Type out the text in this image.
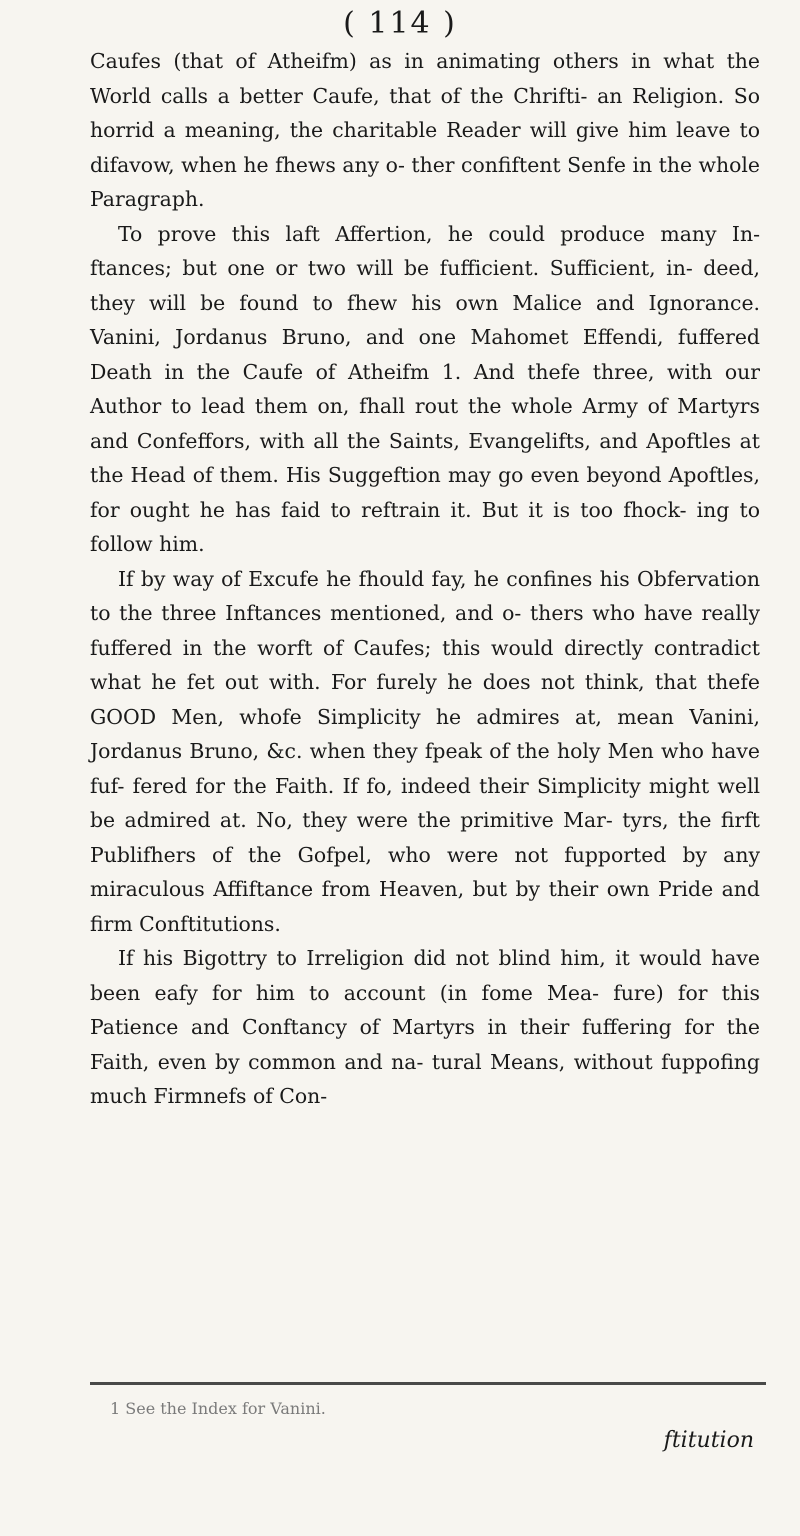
( 114 )

Caufes (that of Atheifm) as in animating others in what the World calls a better Caufe, that of the Chrifti- an Religion. So horrid a meaning, the charitable Reader will give him leave to difavow, when he fhews any o- ther confiftent Senfe in the whole Paragraph.

To prove this laft Affertion, he could produce many In- ftances; but one or two will be fufficient. Sufficient, in- deed, they will be found to fhew his own Malice and Ignorance. Vanini, Jordanus Bruno, and one Mahomet Effendi, fuffered Death in the Caufe of Atheifm 1. And thefe three, with our Author to lead them on, fhall rout the whole Army of Martyrs and Confeffors, with all the Saints, Evangelifts, and Apoftles at the Head of them. His Suggeftion may go even beyond Apoftles, for ought he has faid to reftrain it. But it is too fhock- ing to follow him.

If by way of Excufe he fhould fay, he confines his Obfervation to the three Inftances mentioned, and o- thers who have really fuffered in the worft of Caufes; this would directly contradict what he fet out with. For furely he does not think, that thefe GOOD Men, whofe Simplicity he admires at, mean Vanini, Jordanus Bruno, &c. when they fpeak of the holy Men who have fuf- fered for the Faith. If fo, indeed their Simplicity might well be admired at. No, they were the primitive Mar- tyrs, the firft Publifhers of the Gofpel, who were not fupported by any miraculous Affiftance from Heaven, but by their own Pride and firm Conftitutions.

If his Bigottry to Irreligion did not blind him, it would have been eafy for him to account (in fome Mea- fure) for this Patience and Conftancy of Martyrs in their fuffering for the Faith, even by common and na- tural Means, without fuppofing much Firmnefs of Con-

1 See the Index for Vanini.
ftitution
